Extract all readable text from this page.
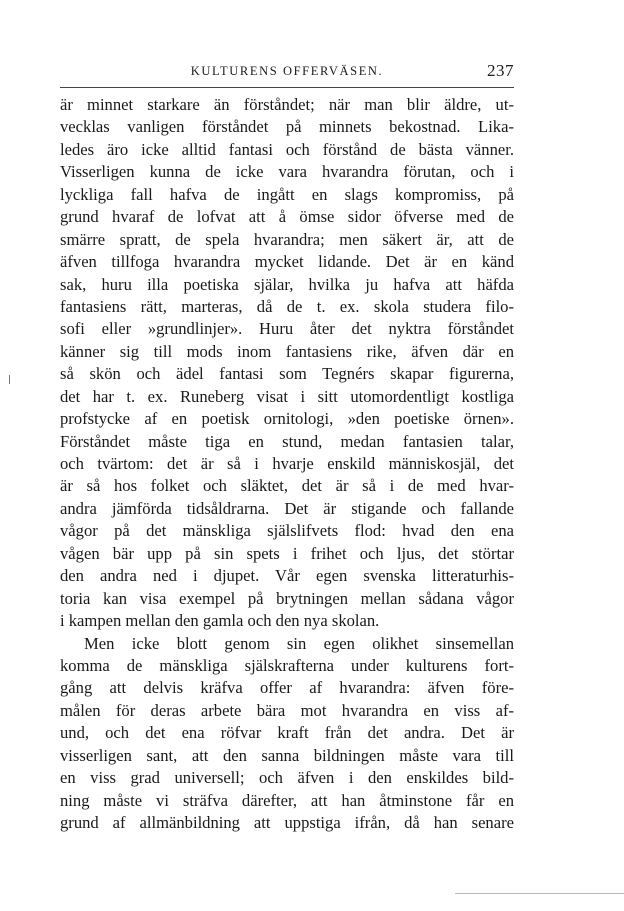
KULTURENS OFFERVÄSEN.	237
är minnet starkare än förståndet; när man blir äldre, ut-
vecklas vanligen förståndet på minnets bekostnad. Lika-
ledes äro icke alltid fantasi och förstånd de bästa vänner.
Visserligen kunna de icke vara hvarandra förutan, och i
lyckliga fall hafva de ingått en slags kompromiss, på
grund hvaraf de lofvat att å ömse sidor öfverse med de
smärre spratt, de spela hvarandra; men säkert är, att de
äfven tillfoga hvarandra mycket lidande. Det är en känd
sak, huru illa poetiska själar, hvilka ju hafva att häfda
fantasiens rätt, marteras, då de t. ex. skola studera filo-
sofi eller »grundlinjer». Huru åter det nyktra förståndet
känner sig till mods inom fantasiens rike, äfven där en
så skön och ädel fantasi som Tegnérs skapar figurerna,
det har t. ex. Runeberg visat i sitt utomordentligt kostliga
profstycke af en poetisk ornitologi, »den poetiske örnen».
Förståndet måste tiga en stund, medan fantasien talar,
och tvärtom: det är så i hvarje enskild människosjäl, det
är så hos folket och släktet, det är så i de med hvar-
andra jämförda tidsåldrarna. Det är stigande och fallande
vågor på det mänskliga själslifvets flod: hvad den ena
vågen bär upp på sin spets i frihet och ljus, det störtar
den andra ned i djupet. Vår egen svenska litteraturhis-
toria kan visa exempel på brytningen mellan sådana vågor
i kampen mellan den gamla och den nya skolan.
Men icke blott genom sin egen olikhet sinsemellan
komma de mänskliga själskrafterna under kulturens fort-
gång att delvis kräfva offer af hvarandra: äfven före-
målen för deras arbete bära mot hvarandra en viss af-
und, och det ena röfvar kraft från det andra. Det är
visserligen sant, att den sanna bildningen måste vara till
en viss grad universell; och äfven i den enskildes bild-
ning måste vi sträfva därefter, att han åtminstone får en
grund af allmänbildning att uppstiga ifrån, då han senare
